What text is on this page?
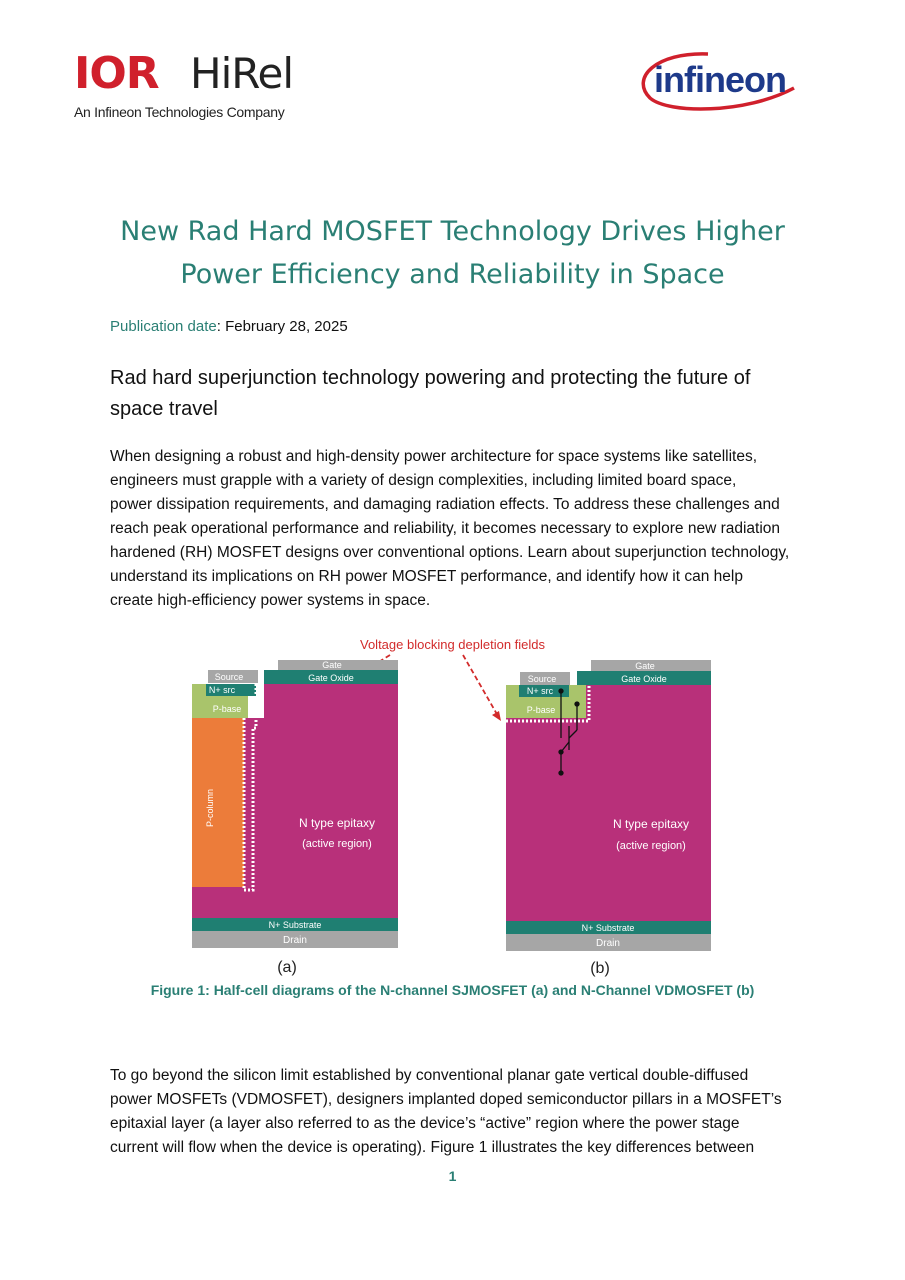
IOR HiRel
An Infineon Technologies Company
infineon
New Rad Hard MOSFET Technology Drives Higher
Power Efficiency and Reliability in Space
Publication date: February 28, 2025
Rad hard superjunction technology powering and protecting the future of
space travel

When designing a robust and high-density power architecture for space systems like satellites,
engineers must grapple with a variety of design complexities, including limited board space,
power dissipation requirements, and damaging radiation effects. To address these challenges and
reach peak operational performance and reliability, it becomes necessary to explore new radiation
hardened (RH) MOSFET designs over conventional options. Learn about superjunction technology,
understand its implications on RH power MOSFET performance, and identify how it can help
create high-efficiency power systems in space.

Voltage blocking depletion fields
Gate
Gate Oxide
Source
N+ src
P-base
P-column	N type epitaxy
(active region)
N+ Substrate
Drain
(a)
Gate
Gate Oxide
Source
N+ src
P-base
N type epitaxy
(active region)
N+ Substrate
Drain
(b)
Figure 1: Half-cell diagrams of the N-channel SJMOSFET (a) and N-Channel VDMOSFET (b)

To go beyond the silicon limit established by conventional planar gate vertical double-diffused
power MOSFETs (VDMOSFET), designers implanted doped semiconductor pillars in a MOSFET’s
epitaxial layer (a layer also referred to as the device’s “active” region where the power stage
current will flow when the device is operating). Figure 1 illustrates the key differences between

1
